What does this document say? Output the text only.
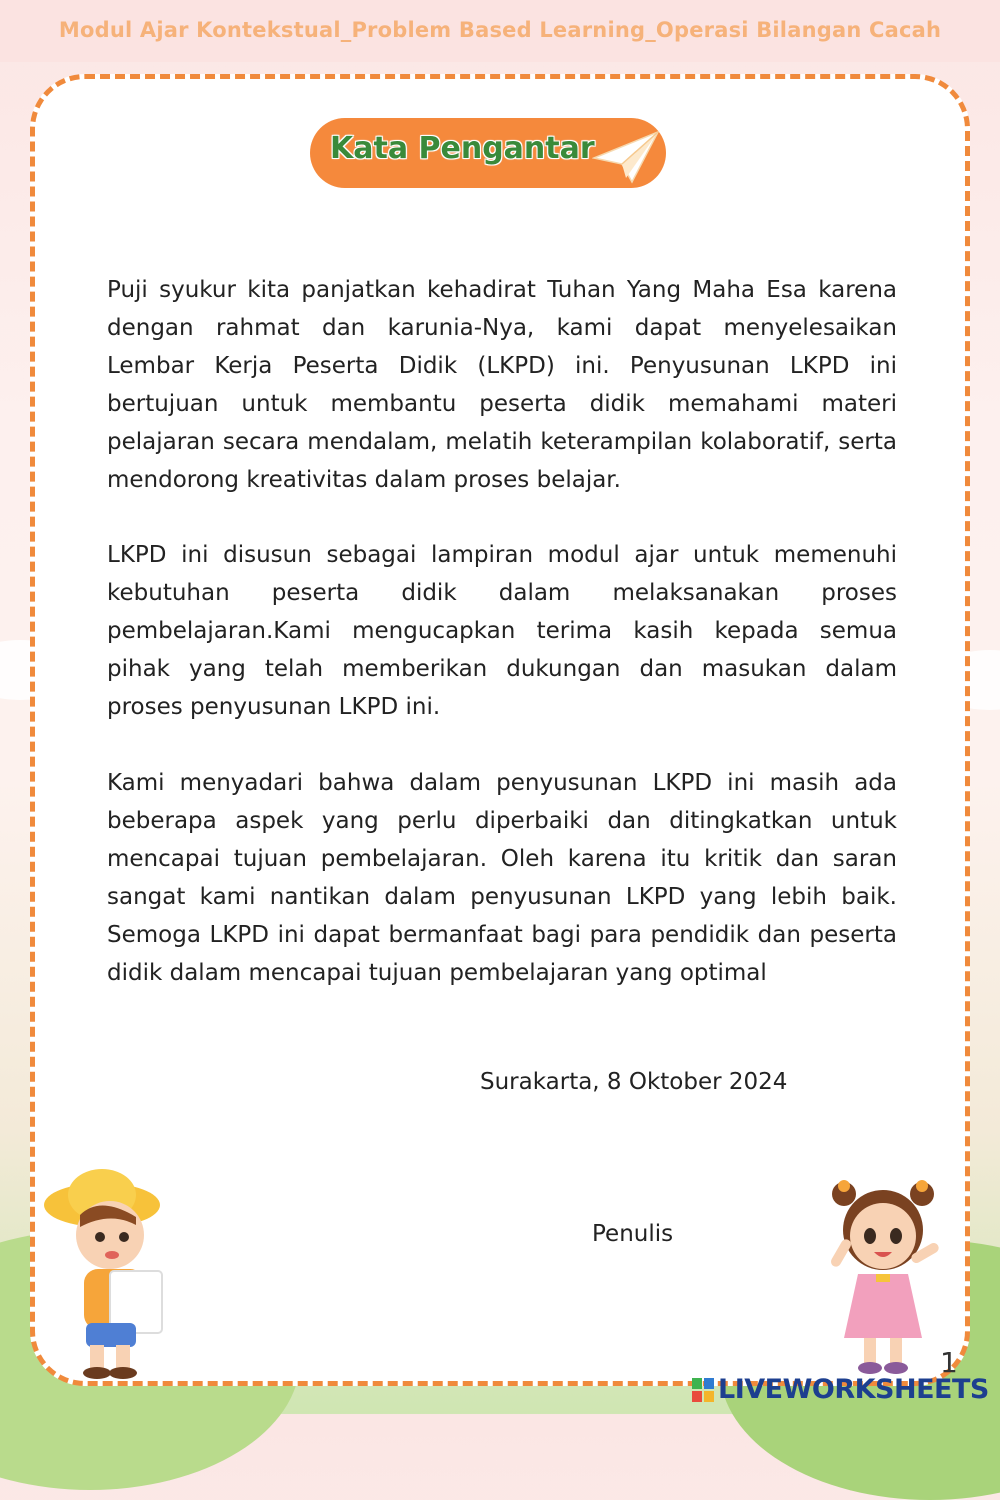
Modul Ajar Kontekstual_Problem Based Learning_Operasi Bilangan Cacah
Kata Pengantar

Puji syukur kita panjatkan kehadirat Tuhan Yang Maha Esa karena dengan rahmat dan karunia-Nya, kami dapat menyelesaikan Lembar Kerja Peserta Didik (LKPD) ini. Penyusunan LKPD ini bertujuan untuk membantu peserta didik memahami materi pelajaran secara mendalam, melatih keterampilan kolaboratif, serta mendorong kreativitas dalam proses belajar.

LKPD ini disusun sebagai lampiran modul ajar untuk memenuhi kebutuhan peserta didik dalam melaksanakan proses pembelajaran.Kami mengucapkan terima kasih kepada semua pihak yang telah memberikan dukungan dan masukan dalam proses penyusunan LKPD ini.

Kami menyadari bahwa dalam penyusunan LKPD ini masih ada beberapa aspek yang perlu diperbaiki dan ditingkatkan untuk mencapai tujuan pembelajaran. Oleh karena itu kritik dan saran sangat kami nantikan dalam penyusunan LKPD yang lebih baik. Semoga LKPD ini dapat bermanfaat bagi para pendidik dan peserta didik dalam mencapai tujuan pembelajaran yang optimal

Surakarta, 8 Oktober 2024
Penulis
1
LIVEWORKSHEETS
